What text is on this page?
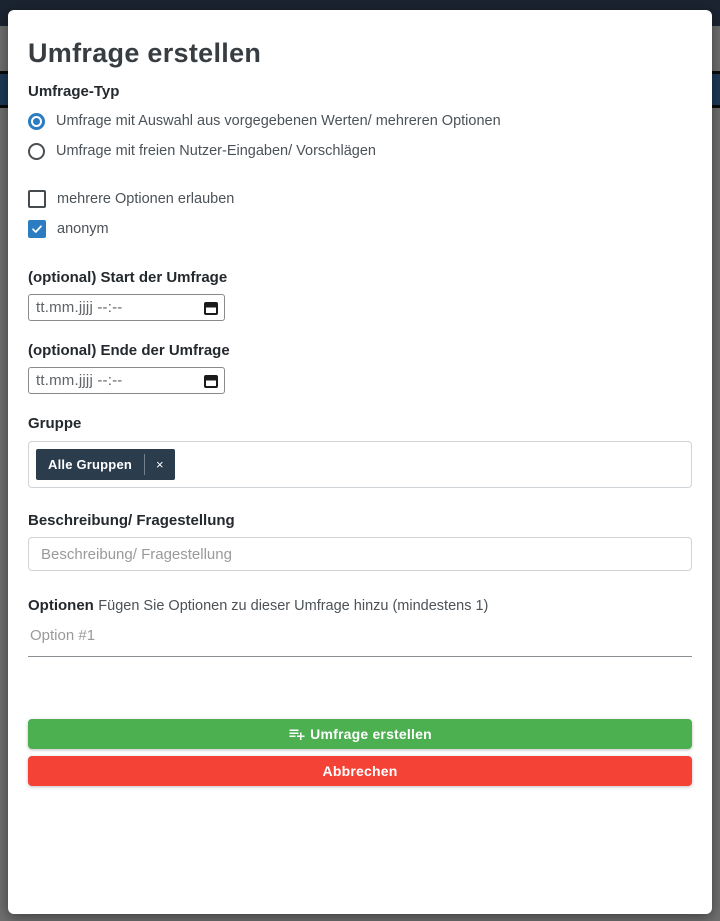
Umfrage erstellen
Umfrage-Typ
Umfrage mit Auswahl aus vorgegebenen Werten/ mehreren Optionen
Umfrage mit freien Nutzer-Eingaben/ Vorschlägen
mehrere Optionen erlauben
anonym
(optional) Start der Umfrage
tt.mm.jjjj --:--
(optional) Ende der Umfrage
tt.mm.jjjj --:--
Gruppe
Alle Gruppen	×
Beschreibung/ Fragestellung
Beschreibung/ Fragestellung
Optionen Fügen Sie Optionen zu dieser Umfrage hinzu (mindestens 1)
Option #1
Umfrage erstellen
Abbrechen
